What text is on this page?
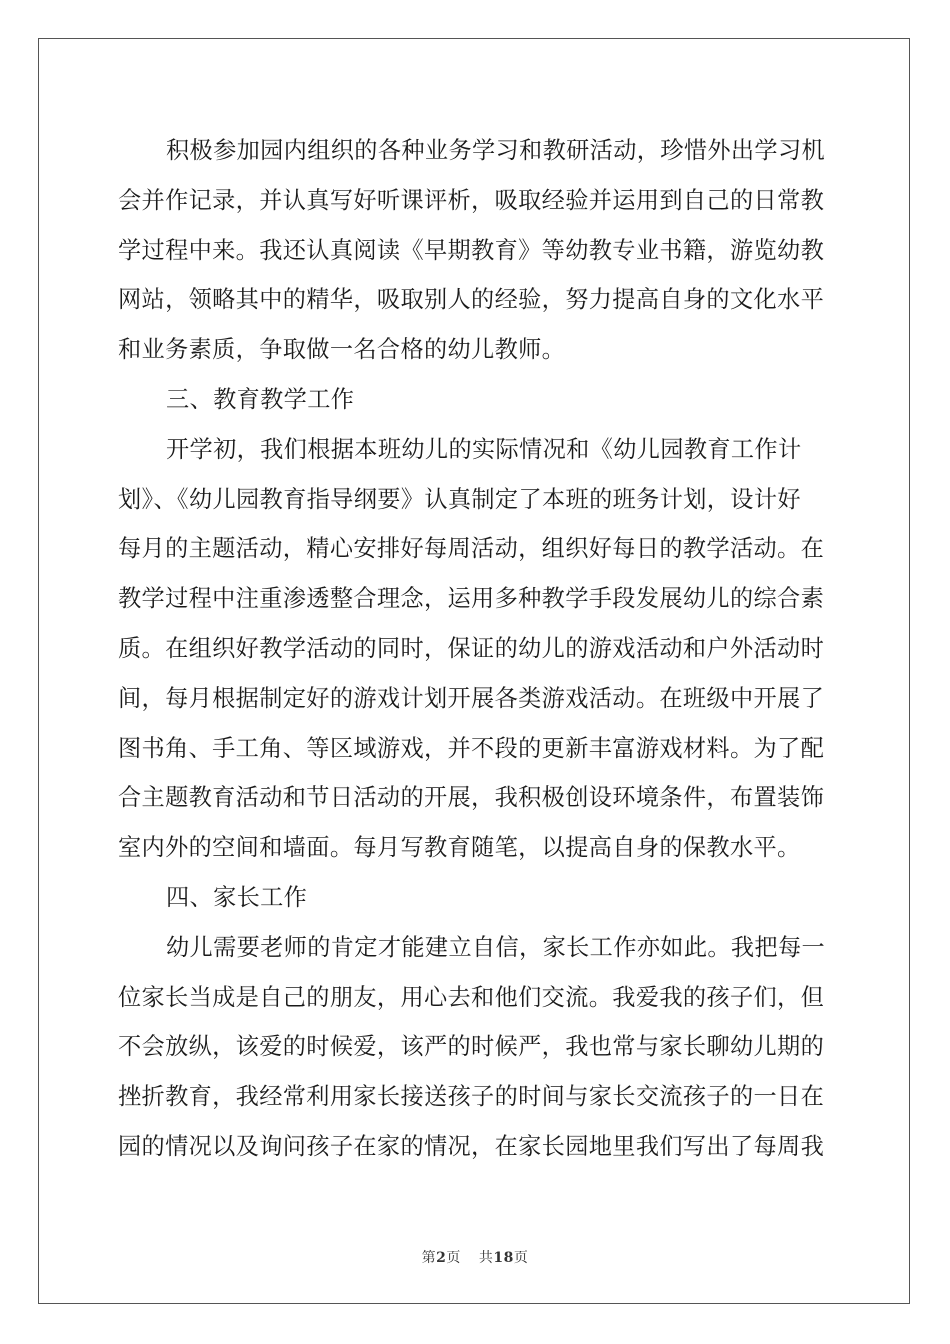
积极参加园内组织的各种业务学习和教研活动，珍惜外出学习机
会并作记录，并认真写好听课评析，吸取经验并运用到自己的日常教
学过程中来。我还认真阅读《早期教育》等幼教专业书籍，游览幼教
网站，领略其中的精华，吸取别人的经验，努力提高自身的文化水平
和业务素质，争取做一名合格的幼儿教师。
三、教育教学工作
开学初，我们根据本班幼儿的实际情况和《幼儿园教育工作计
划》、《幼儿园教育指导纲要》认真制定了本班的班务计划，设计好
每月的主题活动，精心安排好每周活动，组织好每日的教学活动。在
教学过程中注重渗透整合理念，运用多种教学手段发展幼儿的综合素
质。在组织好教学活动的同时，保证的幼儿的游戏活动和户外活动时
间，每月根据制定好的游戏计划开展各类游戏活动。在班级中开展了
图书角、手工角、等区域游戏，并不段的更新丰富游戏材料。为了配
合主题教育活动和节日活动的开展，我积极创设环境条件，布置装饰
室内外的空间和墙面。每月写教育随笔，以提高自身的保教水平。
四、家长工作
幼儿需要老师的肯定才能建立自信，家长工作亦如此。我把每一
位家长当成是自己的朋友，用心去和他们交流。我爱我的孩子们，但
不会放纵，该爱的时候爱，该严的时候严，我也常与家长聊幼儿期的
挫折教育，我经常利用家长接送孩子的时间与家长交流孩子的一日在
园的情况以及询问孩子在家的情况，在家长园地里我们写出了每周我
第2页 共18页
